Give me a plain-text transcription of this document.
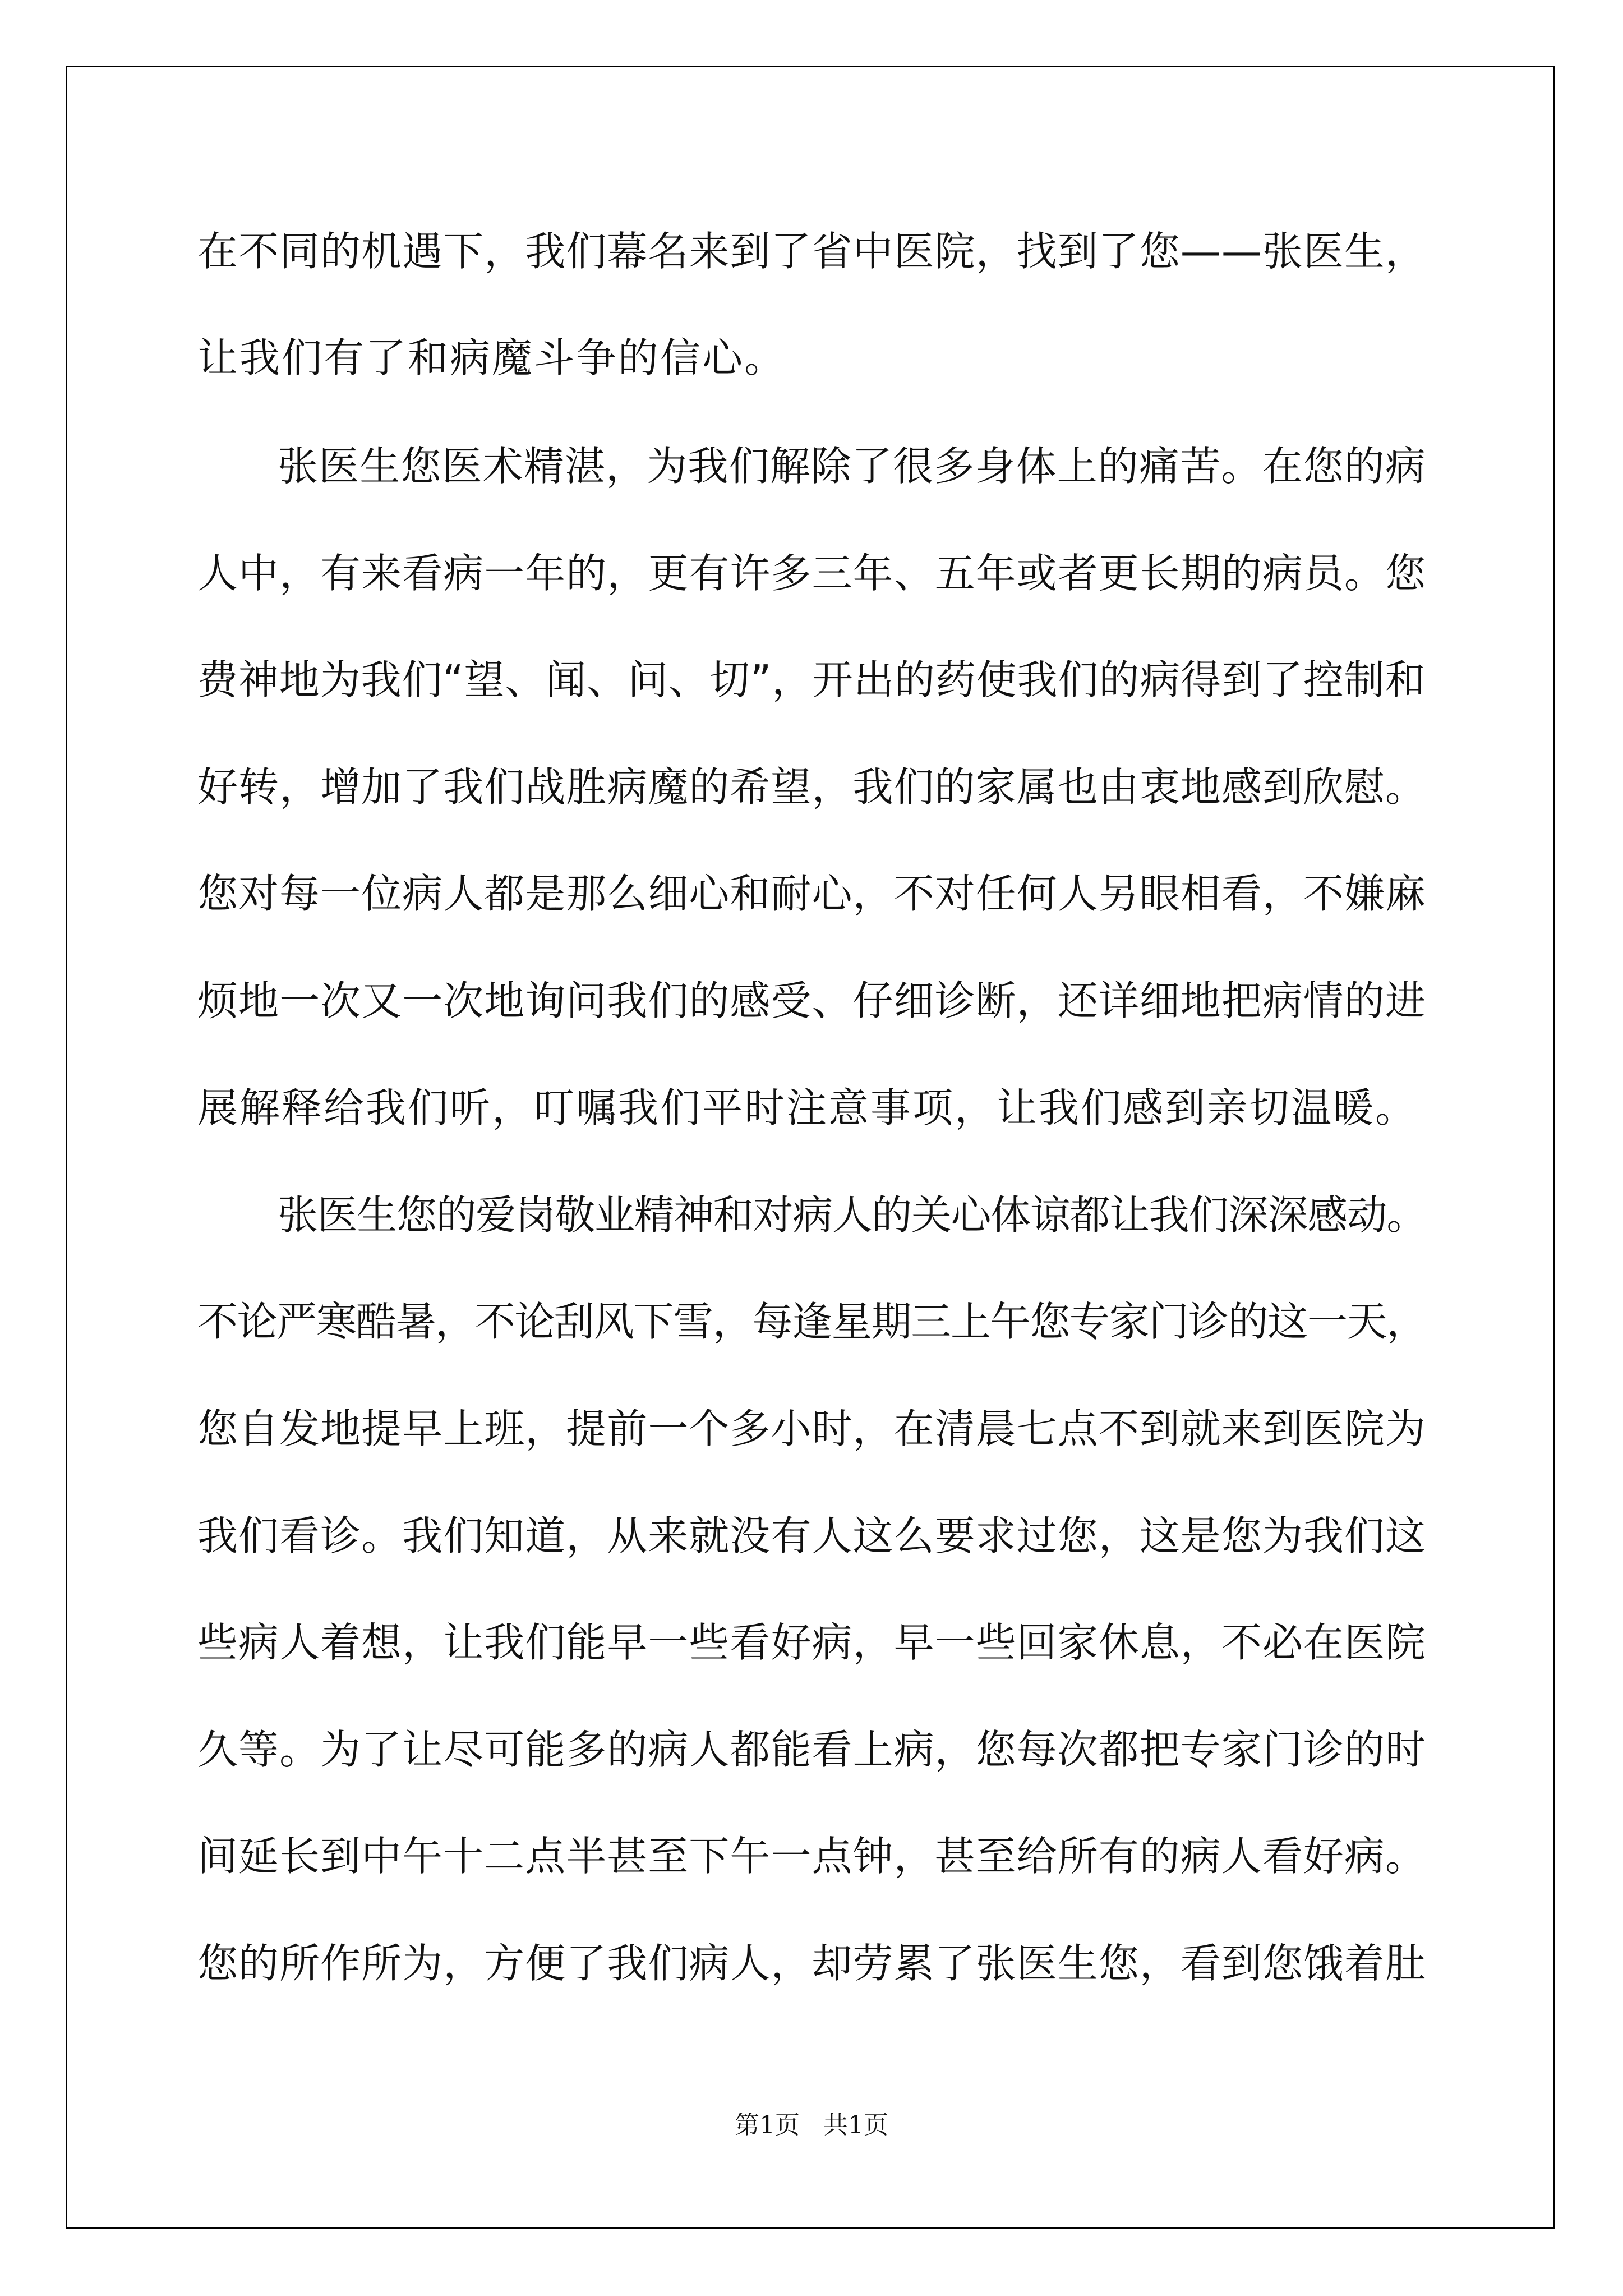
在不同的机遇下，我们幕名来到了省中医院，找到了您——张医生，
让我们有了和病魔斗争的信心。
张医生您医术精湛，为我们解除了很多身体上的痛苦。在您的病
人中，有来看病一年的，更有许多三年、五年或者更长期的病员。您
费神地为我们“望、闻、问、切”，开出的药使我们的病得到了控制和
好转，增加了我们战胜病魔的希望，我们的家属也由衷地感到欣慰。
您对每一位病人都是那么细心和耐心，不对任何人另眼相看，不嫌麻
烦地一次又一次地询问我们的感受、仔细诊断，还详细地把病情的进
展解释给我们听，叮嘱我们平时注意事项，让我们感到亲切温暖。
张医生您的爱岗敬业精神和对病人的关心体谅都让我们深深感动。
不论严寒酷暑，不论刮风下雪，每逢星期三上午您专家门诊的这一天，
您自发地提早上班，提前一个多小时，在清晨七点不到就来到医院为
我们看诊。我们知道，从来就没有人这么要求过您，这是您为我们这
些病人着想，让我们能早一些看好病，早一些回家休息，不必在医院
久等。为了让尽可能多的病人都能看上病，您每次都把专家门诊的时
间延长到中午十二点半甚至下午一点钟，甚至给所有的病人看好病。
您的所作所为，方便了我们病人，却劳累了张医生您，看到您饿着肚
第1页   共1页
